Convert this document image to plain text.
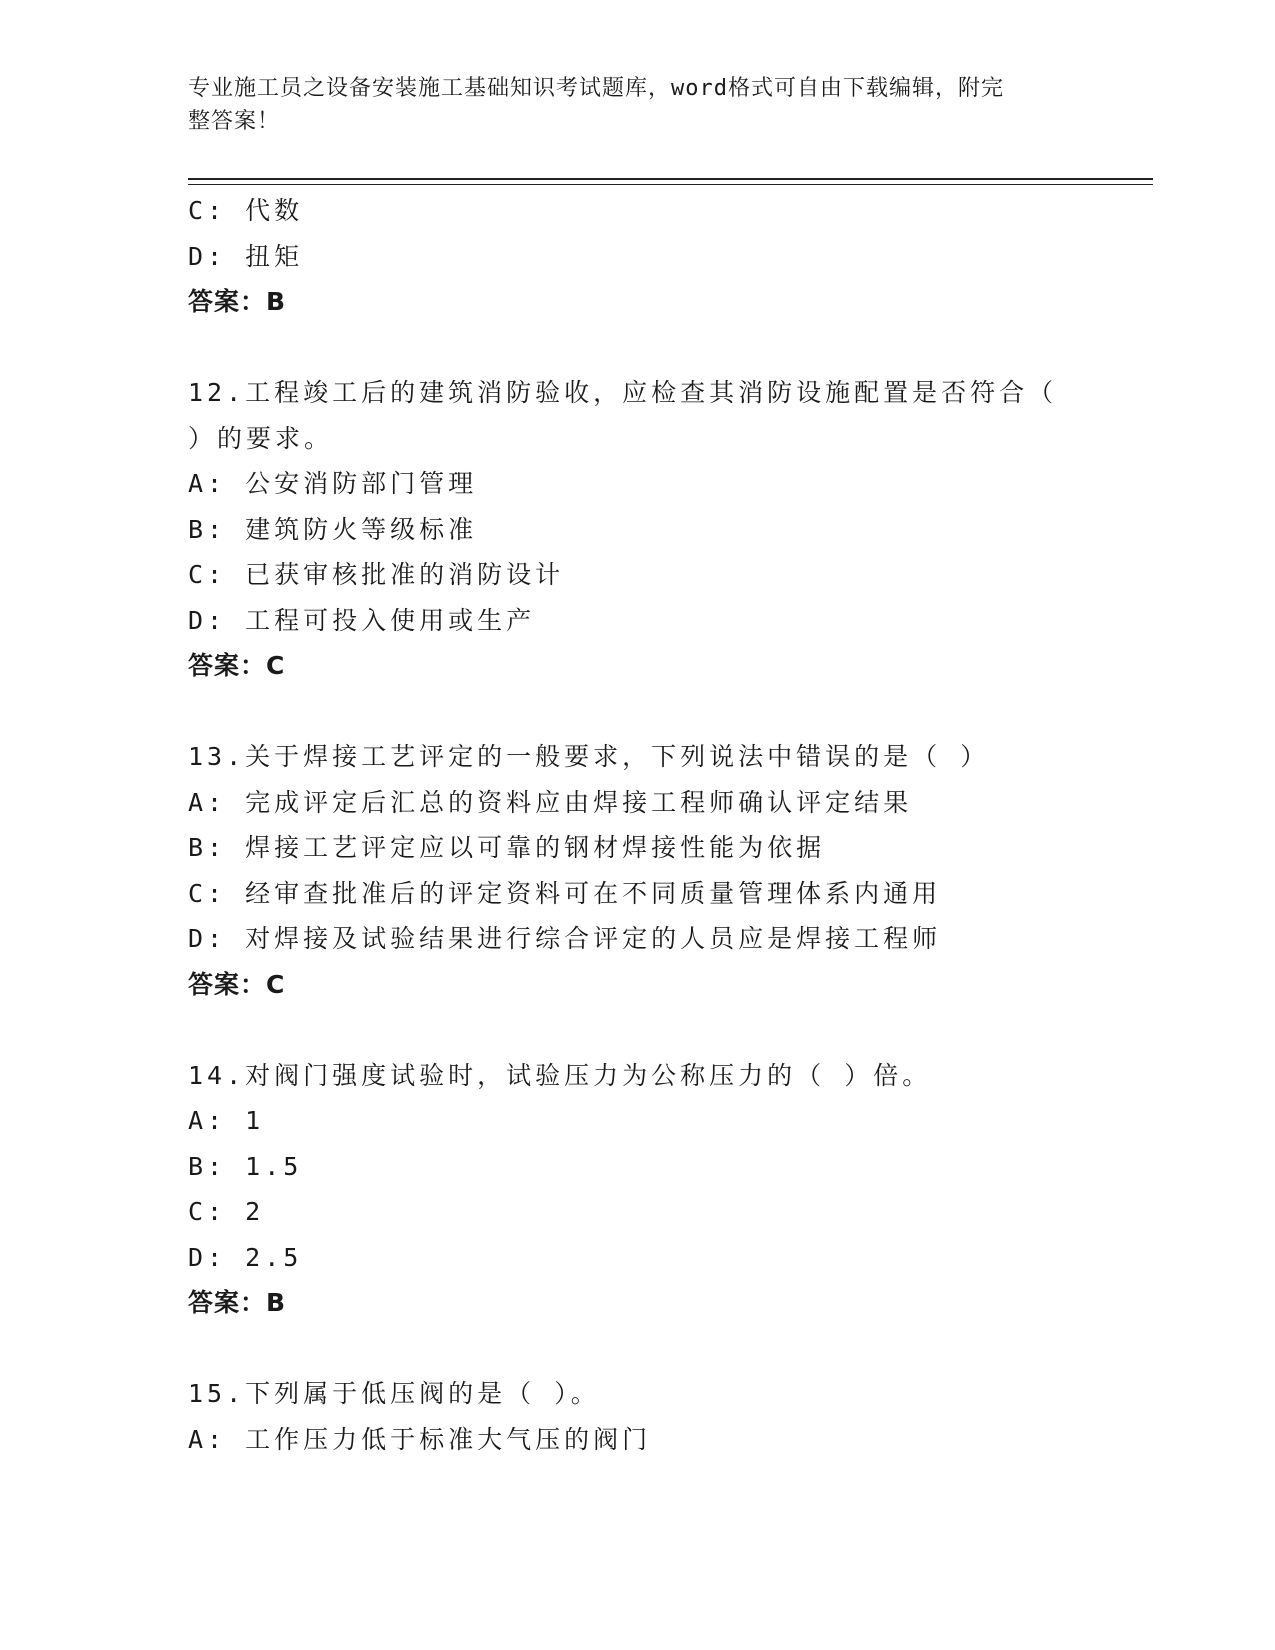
专业施工员之设备安装施工基础知识考试题库，word格式可自由下载编辑，附完
整答案！
C: 代数
D: 扭矩
答案：B
12.工程竣工后的建筑消防验收，应检查其消防设施配置是否符合（
）的要求。
A: 公安消防部门管理
B: 建筑防火等级标准
C: 已获审核批准的消防设计
D: 工程可投入使用或生产
答案：C
13.关于焊接工艺评定的一般要求，下列说法中错误的是（ ）
A: 完成评定后汇总的资料应由焊接工程师确认评定结果
B: 焊接工艺评定应以可靠的钢材焊接性能为依据
C: 经审查批准后的评定资料可在不同质量管理体系内通用
D: 对焊接及试验结果进行综合评定的人员应是焊接工程师
答案：C
14.对阀门强度试验时，试验压力为公称压力的（ ）倍。
A: 1
B: 1.5
C: 2
D: 2.5
答案：B
15.下列属于低压阀的是（ ）。
A: 工作压力低于标准大气压的阀门
